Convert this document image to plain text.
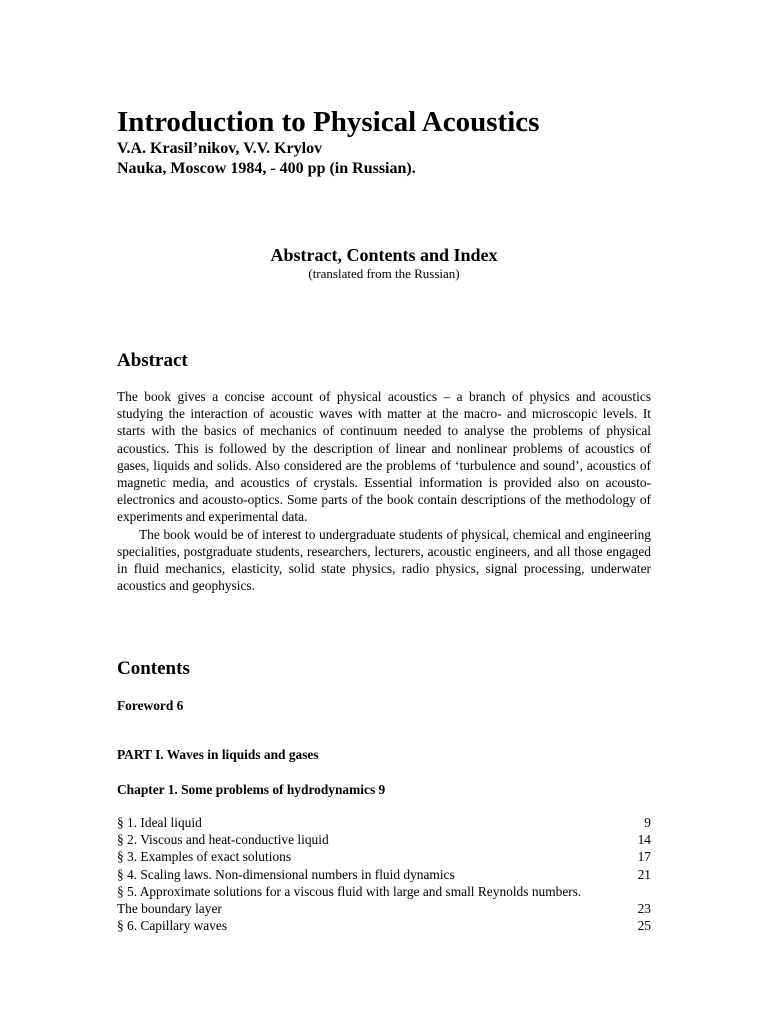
Introduction to Physical Acoustics
V.A. Krasil’nikov, V.V. Krylov
Nauka, Moscow 1984, - 400 pp (in Russian).
Abstract, Contents and Index
(translated from the Russian)
Abstract

The book gives a concise account of physical acoustics – a branch of physics and acoustics studying the interaction of acoustic waves with matter at the macro- and microscopic levels. It starts with the basics of mechanics of continuum needed to analyse the problems of physical acoustics. This is followed by the description of linear and nonlinear problems of acoustics of gases, liquids and solids. Also considered are the problems of ‘turbulence and sound’, acoustics of magnetic media, and acoustics of crystals. Essential information is provided also on acousto-electronics and acousto-optics. Some parts of the book contain descriptions of the methodology of experiments and experimental data.

The book would be of interest to undergraduate students of physical, chemical and engineering specialities, postgraduate students, researchers, lecturers, acoustic engineers, and all those engaged in fluid mechanics, elasticity, solid state physics, radio physics, signal processing, underwater acoustics and geophysics.

Contents
Foreword 6
PART I. Waves in liquids and gases
Chapter 1. Some problems of hydrodynamics 9
§ 1. Ideal liquid	9
§ 2. Viscous and heat-conductive liquid	14
§ 3. Examples of exact solutions	17
§ 4. Scaling laws. Non-dimensional numbers in fluid dynamics	21
§ 5. Approximate solutions for a viscous fluid with large and small Reynolds numbers.
The boundary layer	23
§ 6. Capillary waves	25
